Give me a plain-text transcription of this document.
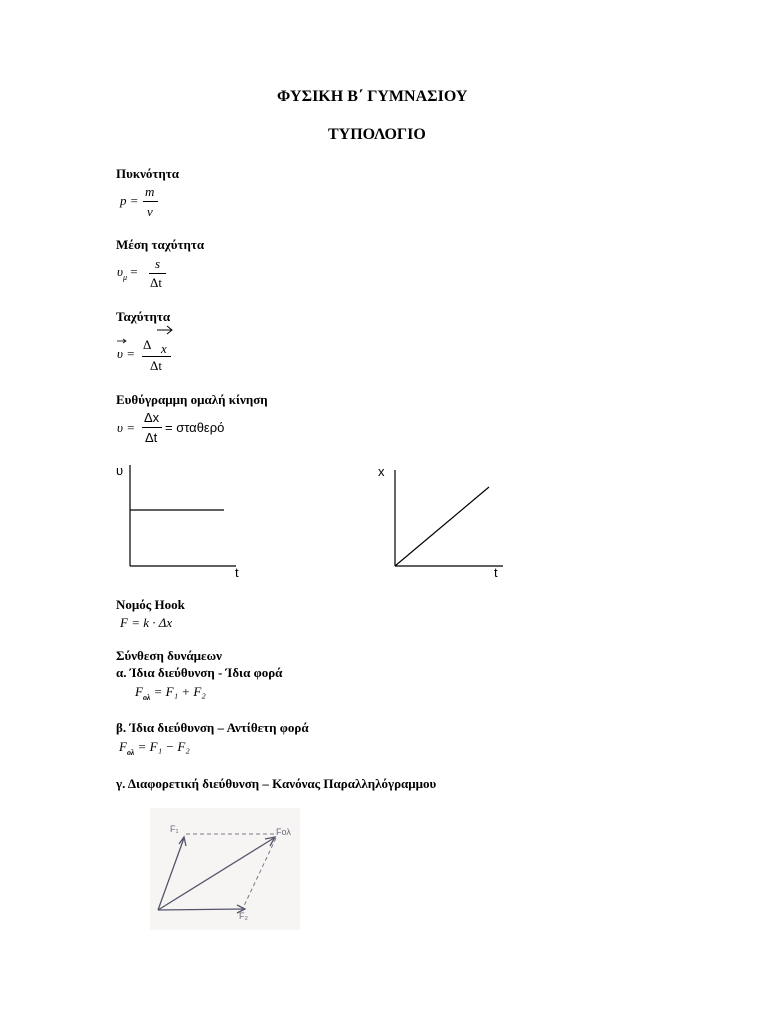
ΦΥΣΙΚΗ Β΄ ΓΥΜΝΑΣΙΟΥ
ΤΥΠΟΛΟΓΙΟ
Πυκνότητα
p =
m
v
Μέση ταχύτητα
$\upsilon_\mu$ =
s
Δt
Ταχύτητα
υ =
Δ x
Δt
Ευθύγραμμη ομαλή κίνηση
υ =
Δx
Δt
= σταθερό
υ
t
x
t
Νομός Hook
F = k · Δx
Σύνθεση δυνάμεων
α. Ίδια διεύθυνση - Ίδια φορά
$F_{o\lambda} = F_1 + F_2$
β. Ίδια διεύθυνση – Αντίθετη φορά
$F_{o\lambda} = F_1 - F_2$
γ. Διαφορετική διεύθυνση – Κανόνας Παραλληλόγραμμου
F₁	Fολ
F₂
